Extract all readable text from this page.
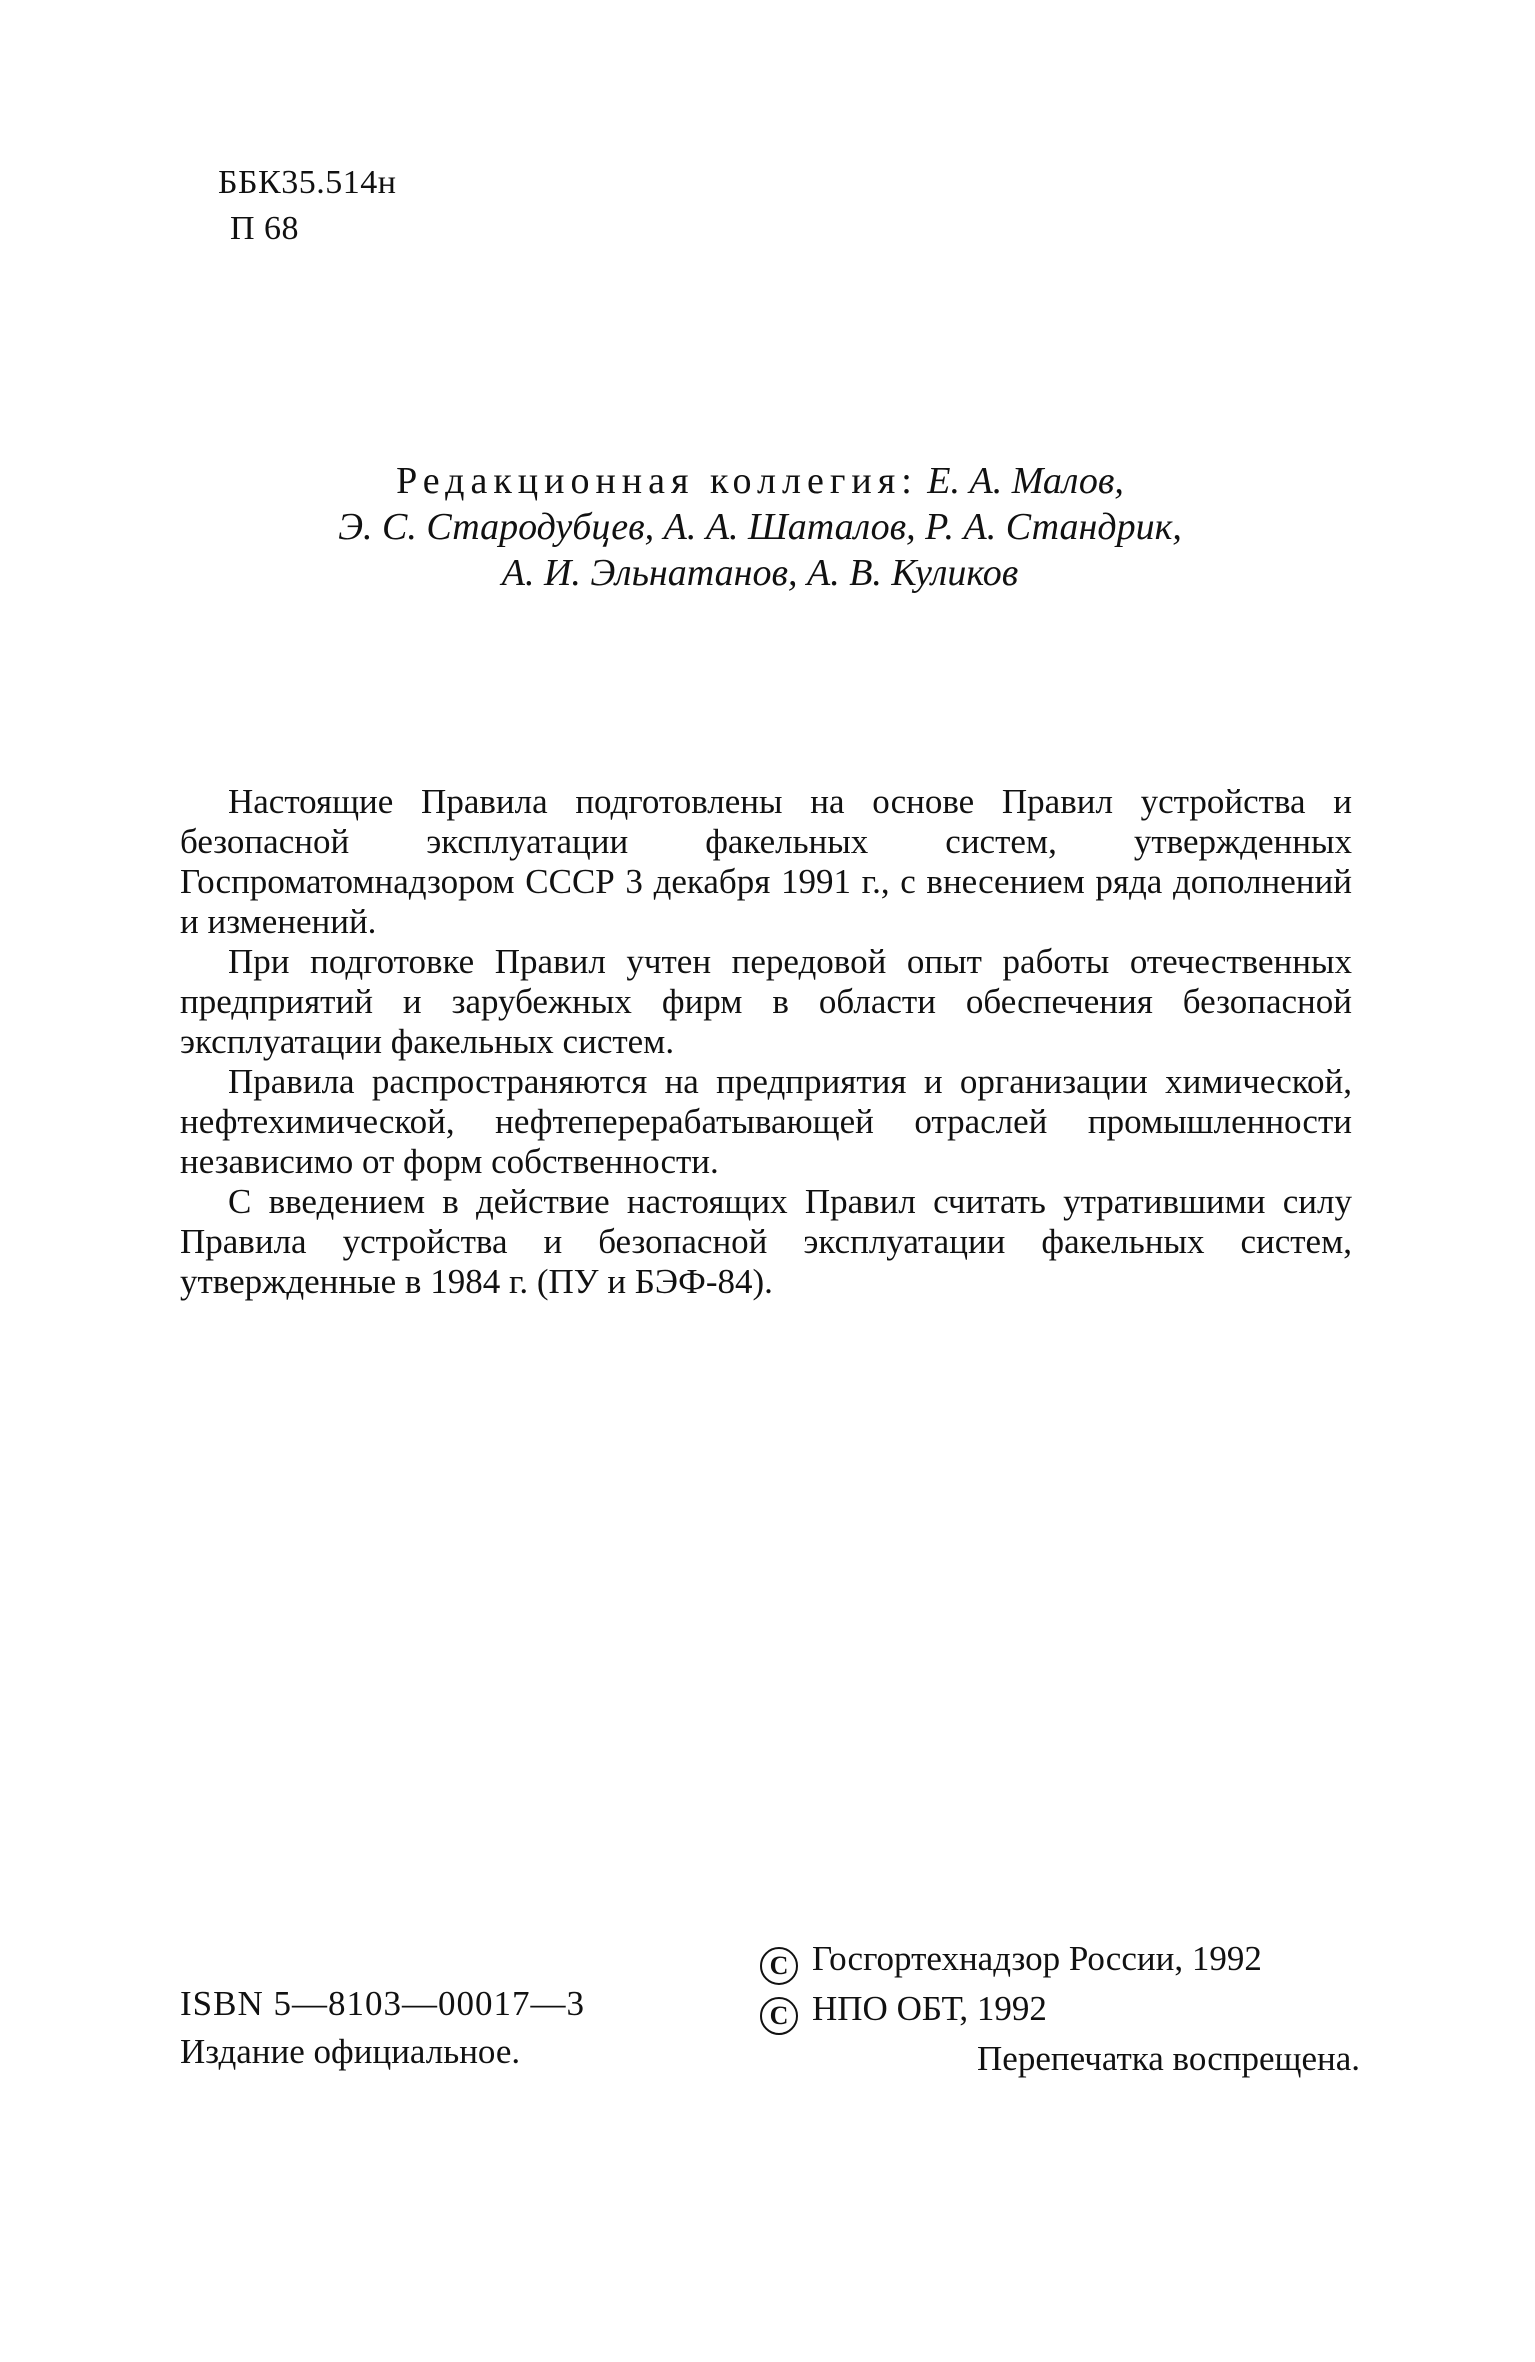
ББК35.514н
П 68
Редакционная коллегия: Е. А. Малов,
Э. С. Стародубцев, А. А. Шаталов, Р. А. Стандрик,
А. И. Эльнатанов, А. В. Куликов

Настоящие Правила подготовлены на основе Правил устройства и безопасной эксплуатации факельных систем, утвержденных Госпроматомнадзором СССР 3 декабря 1991 г., с внесением ряда дополнений и изменений.

При подготовке Правил учтен передовой опыт работы отечественных предприятий и зарубежных фирм в области обеспечения безопасной эксплуатации факельных систем.

Правила распространяются на предприятия и организации химической, нефтехимической, нефтеперерабатывающей отраслей промышленности независимо от форм собственности.

С введением в действие настоящих Правил считать утратившими силу Правила устройства и безопасной эксплуатации факельных систем, утвержденные в 1984 г. (ПУ и БЭФ-84).

ISBN 5—8103—00017—3
Издание официальное.
C Госгортехнадзор России, 1992
C НПО ОБТ, 1992
Перепечатка воспрещена.
